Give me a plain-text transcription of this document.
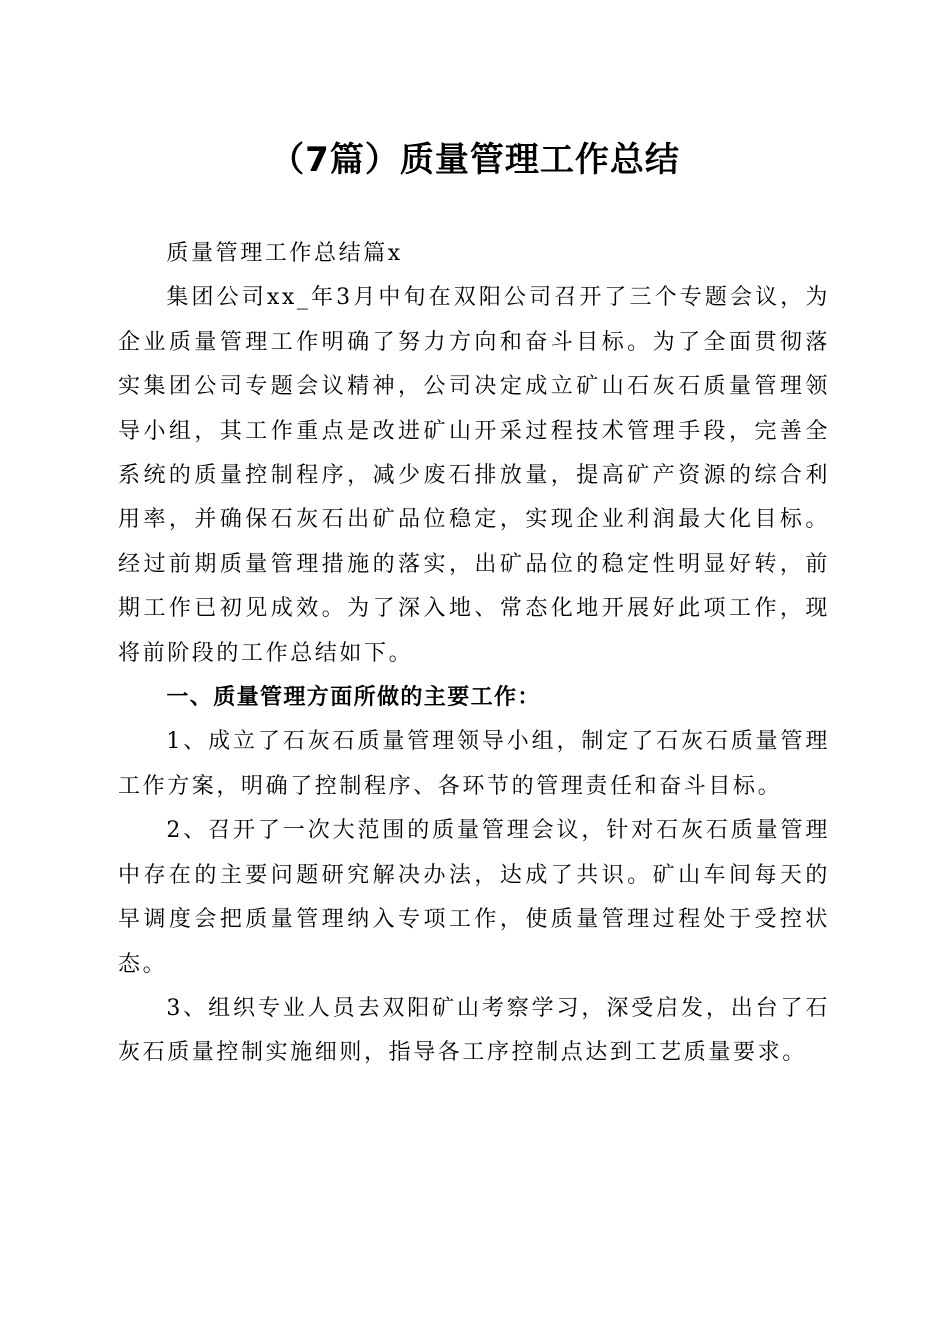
（7篇）质量管理工作总结

质量管理工作总结篇x

集团公司xx_年3月中旬在双阳公司召开了三个专题会议，为企业质量管理工作明确了努力方向和奋斗目标。为了全面贯彻落实集团公司专题会议精神，公司决定成立矿山石灰石质量管理领导小组，其工作重点是改进矿山开采过程技术管理手段，完善全系统的质量控制程序，减少废石排放量，提高矿产资源的综合利用率，并确保石灰石出矿品位稳定，实现企业利润最大化目标。经过前期质量管理措施的落实，出矿品位的稳定性明显好转，前期工作已初见成效。为了深入地、常态化地开展好此项工作，现将前阶段的工作总结如下。

一、质量管理方面所做的主要工作：

1、成立了石灰石质量管理领导小组，制定了石灰石质量管理工作方案，明确了控制程序、各环节的管理责任和奋斗目标。

2、召开了一次大范围的质量管理会议，针对石灰石质量管理中存在的主要问题研究解决办法，达成了共识。矿山车间每天的早调度会把质量管理纳入专项工作，使质量管理过程处于受控状态。

3、组织专业人员去双阳矿山考察学习，深受启发，出台了石灰石质量控制实施细则，指导各工序控制点达到工艺质量要求。
